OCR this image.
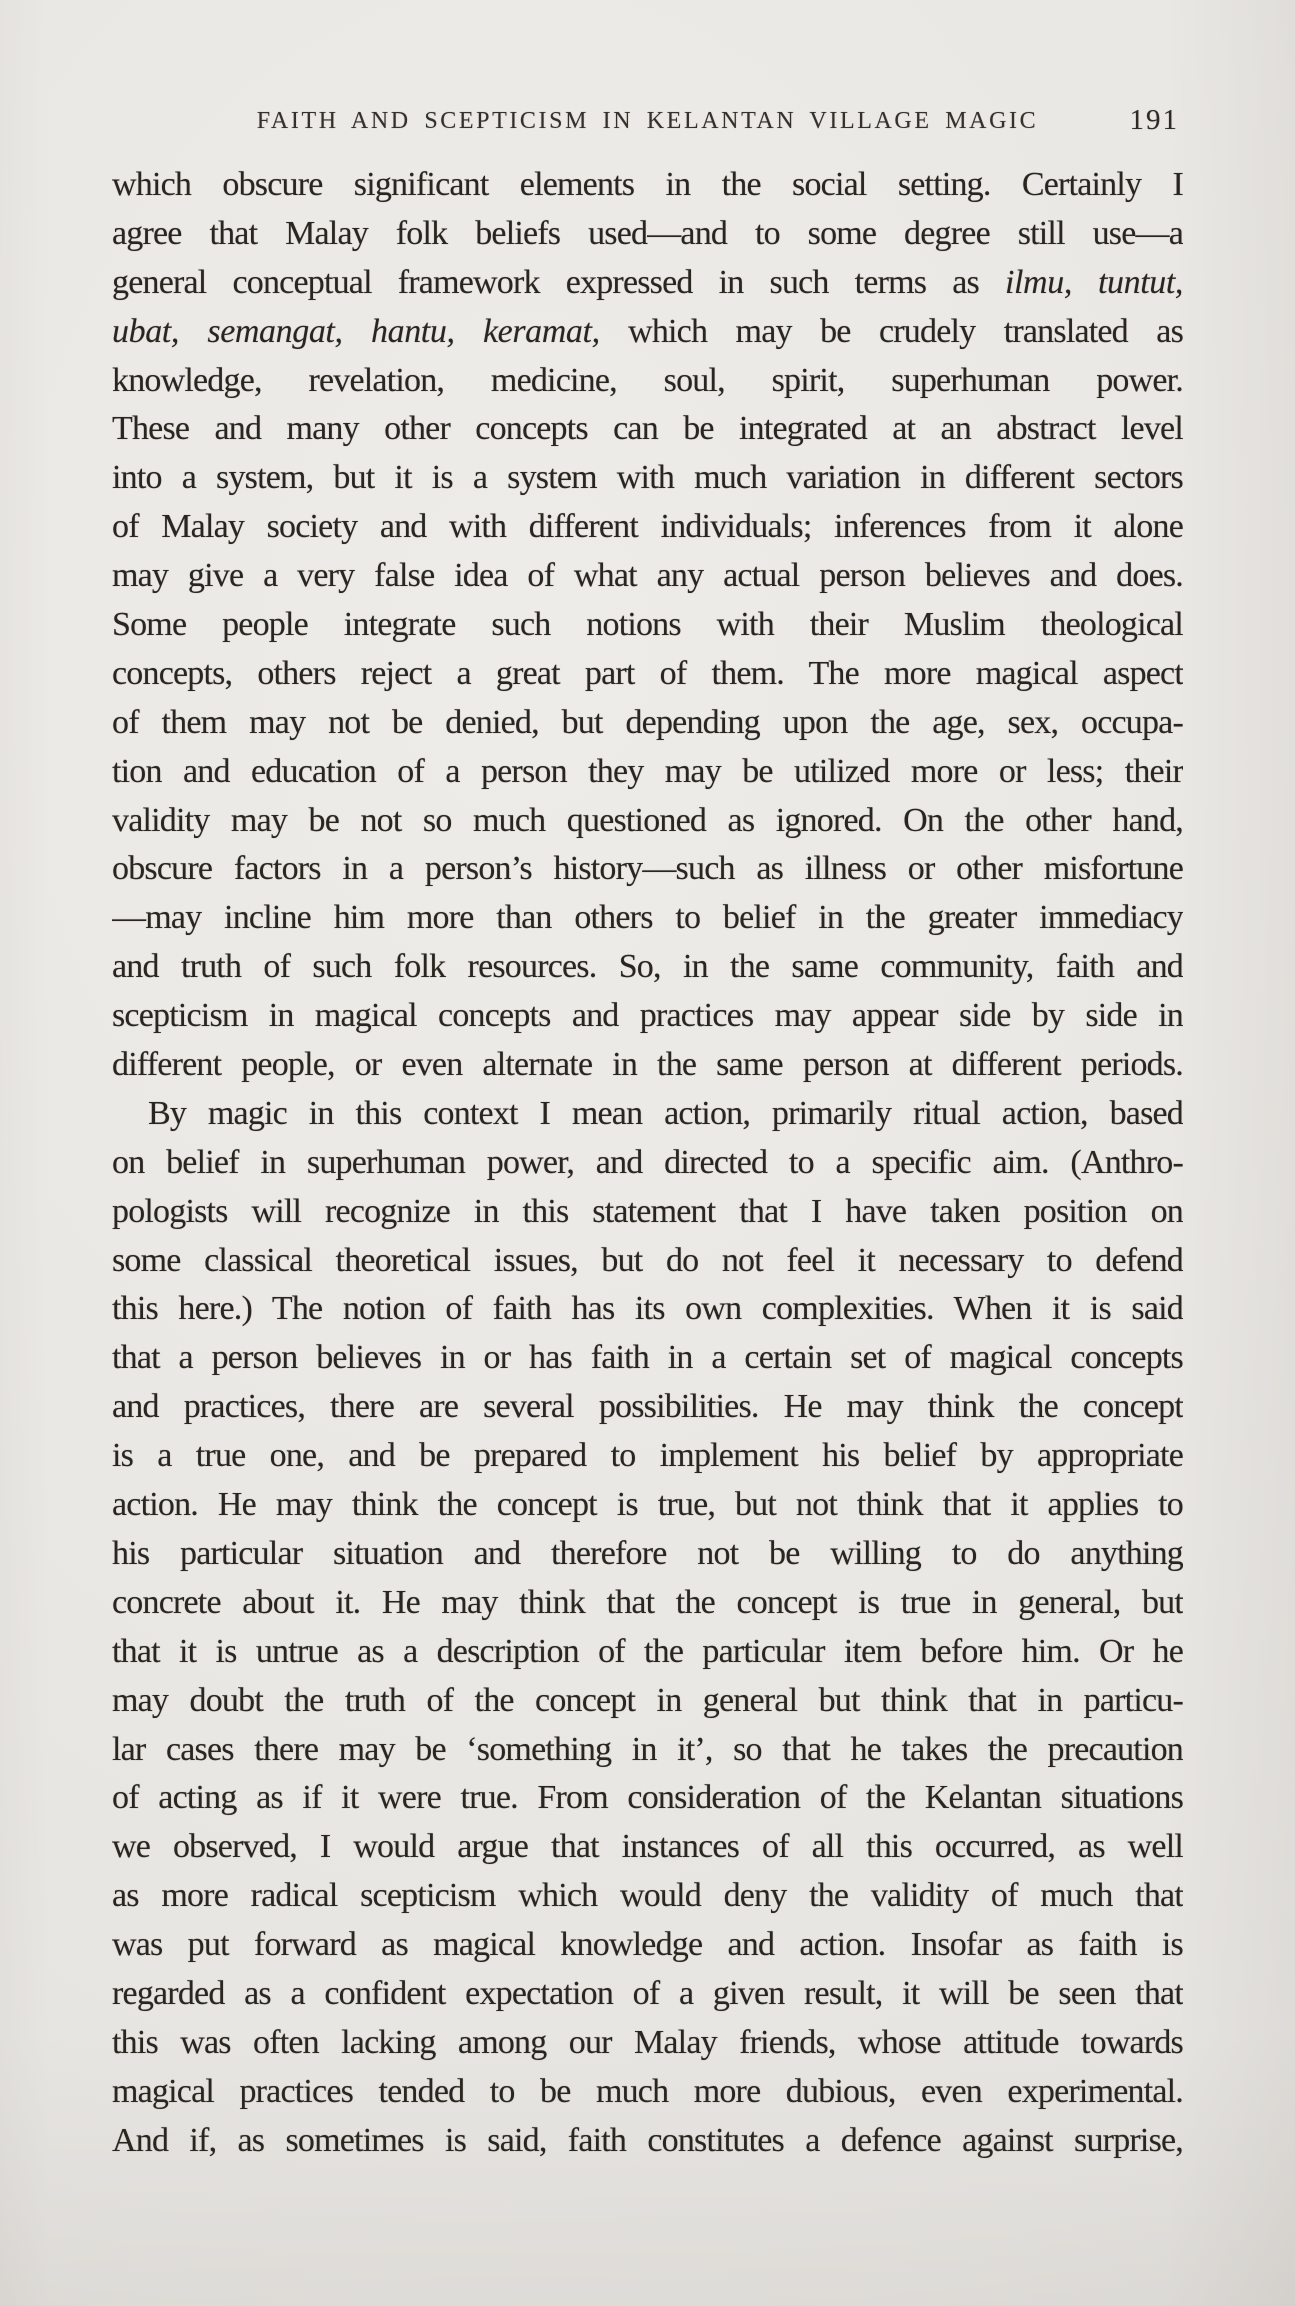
FAITH AND SCEPTICISM IN KELANTAN VILLAGE MAGIC	191
which obscure significant elements in the social setting. Certainly I
agree that Malay folk beliefs used—and to some degree still use—a
general conceptual framework expressed in such terms as ilmu, tuntut,
ubat, semangat, hantu, keramat, which may be crudely translated as
knowledge, revelation, medicine, soul, spirit, superhuman power.
These and many other concepts can be integrated at an abstract level
into a system, but it is a system with much variation in different sectors
of Malay society and with different individuals; inferences from it alone
may give a very false idea of what any actual person believes and does.
Some people integrate such notions with their Muslim theological
concepts, others reject a great part of them. The more magical aspect
of them may not be denied, but depending upon the age, sex, occupa-
tion and education of a person they may be utilized more or less; their
validity may be not so much questioned as ignored. On the other hand,
obscure factors in a person’s history—such as illness or other misfortune
—may incline him more than others to belief in the greater immediacy
and truth of such folk resources. So, in the same community, faith and
scepticism in magical concepts and practices may appear side by side in
different people, or even alternate in the same person at different periods.
By magic in this context I mean action, primarily ritual action, based
on belief in superhuman power, and directed to a specific aim. (Anthro-
pologists will recognize in this statement that I have taken position on
some classical theoretical issues, but do not feel it necessary to defend
this here.) The notion of faith has its own complexities. When it is said
that a person believes in or has faith in a certain set of magical concepts
and practices, there are several possibilities. He may think the concept
is a true one, and be prepared to implement his belief by appropriate
action. He may think the concept is true, but not think that it applies to
his particular situation and therefore not be willing to do anything
concrete about it. He may think that the concept is true in general, but
that it is untrue as a description of the particular item before him. Or he
may doubt the truth of the concept in general but think that in particu-
lar cases there may be ‘something in it’, so that he takes the precaution
of acting as if it were true. From consideration of the Kelantan situations
we observed, I would argue that instances of all this occurred, as well
as more radical scepticism which would deny the validity of much that
was put forward as magical knowledge and action. Insofar as faith is
regarded as a confident expectation of a given result, it will be seen that
this was often lacking among our Malay friends, whose attitude towards
magical practices tended to be much more dubious, even experimental.
And if, as sometimes is said, faith constitutes a defence against surprise,
